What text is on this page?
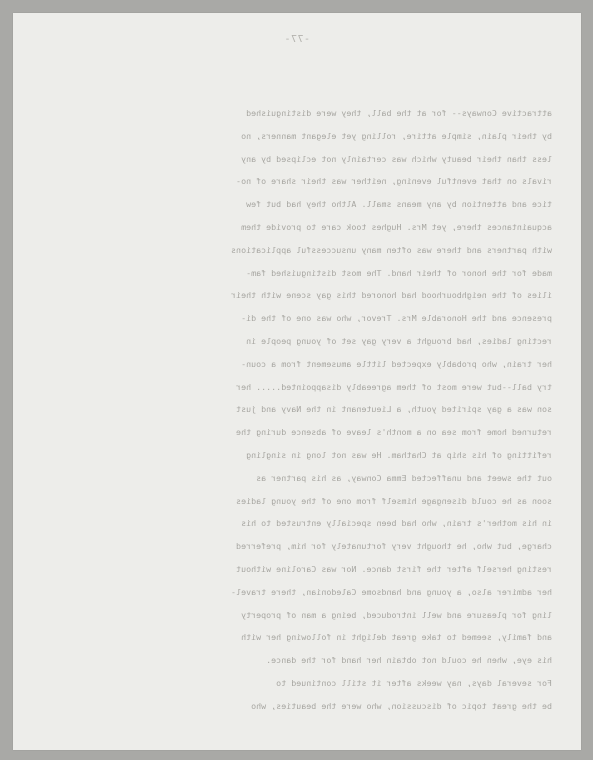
-77-
attractive Conways-- for at the ball, they were distinguished
by their plain, simple attire, rolling yet elegant manners, no
less than their beauty which was certainly not eclipsed by any
rivals on that eventful evening, neither was their share of no-
tice and attention by any means small. Altho they had but few
acquaintances there, yet Mrs. Hughes took care to provide them
with partners and there was often many unsuccessful applications
made for the honor of their hand. The most distinguished fam-
ilies of the neighbourhood had honored this gay scene with their
presence and the Honorable Mrs. Trevor, who was one of the di-
recting ladies, had brought a very gay set of young people in
her train, who probably expected little amusement from a coun-
try ball--but were most of them agreeably disappointed..... her
son was a gay spirited youth, a Lieutenant in the Navy and just
returned home from sea on a month's leave of absence during the
refitting of his ship at Chatham. He was not long in singling
out the sweet and unaffected Emma Conway, as his partner as
soon as he could disengage himself from one of the young ladies
in his mother's train, who had been specially entrusted to his
charge, but who, he thought very fortunately for him, preferred
resting herself after the first dance. Nor was Caroline without
her admirer also, a young and handsome Caledonian, there travel-
ling for pleasure and well introduced, being a man of property
and family, seemed to take great delight in following her with
his eye, when he could not obtain her hand for the dance.
For several days, nay weeks after it still continued to
be the great topic of discussion, who were the beauties, who
